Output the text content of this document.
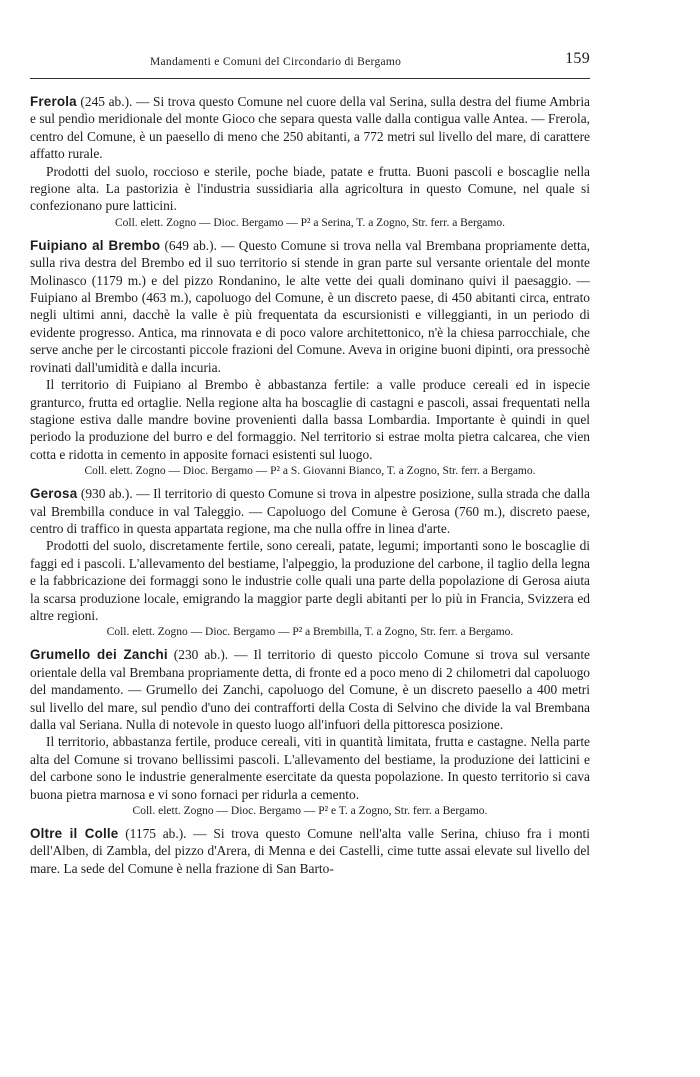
Mandamenti e Comuni del Circondario di Bergamo	159

Frerola (245 ab.). — Si trova questo Comune nel cuore della val Serina, sulla destra del fiume Ambria e sul pendìo meridionale del monte Gioco che separa questa valle dalla contigua valle Antea. — Frerola, centro del Comune, è un paesello di meno che 250 abitanti, a 772 metri sul livello del mare, di carattere affatto rurale.

Prodotti del suolo, roccioso e sterile, poche biade, patate e frutta. Buoni pascoli e boscaglie nella regione alta. La pastorizia è l'industria sussidiaria alla agricoltura in questo Comune, nel quale si confezionano pure latticini.

Coll. elett. Zogno — Dioc. Bergamo — P² a Serina, T. a Zogno, Str. ferr. a Bergamo.

Fuipiano al Brembo (649 ab.). — Questo Comune si trova nella val Brembana propriamente detta, sulla riva destra del Brembo ed il suo territorio si stende in gran parte sul versante orientale del monte Molinasco (1179 m.) e del pizzo Rondanino, le alte vette dei quali dominano quivi il paesaggio. — Fuipiano al Brembo (463 m.), capoluogo del Comune, è un discreto paese, di 450 abitanti circa, entrato negli ultimi anni, dacchè la valle è più frequentata da escursionisti e villeggianti, in un periodo di evidente progresso. Antica, ma rinnovata e di poco valore architettonico, n'è la chiesa parrocchiale, che serve anche per le circostanti piccole frazioni del Comune. Aveva in origine buoni dipinti, ora pressochè rovinati dall'umidità e dalla incuria.

Il territorio di Fuipiano al Brembo è abbastanza fertile: a valle produce cereali ed in ispecie granturco, frutta ed ortaglie. Nella regione alta ha boscaglie di castagni e pascoli, assai frequentati nella stagione estiva dalle mandre bovine provenienti dalla bassa Lombardia. Importante è quindi in quel periodo la produzione del burro e del formaggio. Nel territorio si estrae molta pietra calcarea, che vien cotta e ridotta in cemento in apposite fornaci esistenti sul luogo.

Coll. elett. Zogno — Dioc. Bergamo — P² a S. Giovanni Bianco, T. a Zogno, Str. ferr. a Bergamo.

Gerosa (930 ab.). — Il territorio di questo Comune si trova in alpestre posizione, sulla strada che dalla val Brembilla conduce in val Taleggio. — Capoluogo del Comune è Gerosa (760 m.), discreto paese, centro di traffico in questa appartata regione, ma che nulla offre in linea d'arte.

Prodotti del suolo, discretamente fertile, sono cereali, patate, legumi; importanti sono le boscaglie di faggi ed i pascoli. L'allevamento del bestiame, l'alpeggio, la produzione del carbone, il taglio della legna e la fabbricazione dei formaggi sono le industrie colle quali una parte della popolazione di Gerosa aiuta la scarsa produzione locale, emigrando la maggior parte degli abitanti per lo più in Francia, Svizzera ed altre regioni.

Coll. elett. Zogno — Dioc. Bergamo — P² a Brembilla, T. a Zogno, Str. ferr. a Bergamo.

Grumello dei Zanchi (230 ab.). — Il territorio di questo piccolo Comune si trova sul versante orientale della val Brembana propriamente detta, di fronte ed a poco meno di 2 chilometri dal capoluogo del mandamento. — Grumello dei Zanchi, capoluogo del Comune, è un discreto paesello a 400 metri sul livello del mare, sul pendìo d'uno dei contrafforti della Costa di Selvino che divide la val Brembana dalla val Seriana. Nulla di notevole in questo luogo all'infuori della pittoresca posizione.

Il territorio, abbastanza fertile, produce cereali, viti in quantità limitata, frutta e castagne. Nella parte alta del Comune si trovano bellissimi pascoli. L'allevamento del bestiame, la produzione dei latticini e del carbone sono le industrie generalmente esercitate da questa popolazione. In questo territorio si cava buona pietra marnosa e vi sono fornaci per ridurla a cemento.

Coll. elett. Zogno — Dioc. Bergamo — P² e T. a Zogno, Str. ferr. a Bergamo.

Oltre il Colle (1175 ab.). — Si trova questo Comune nell'alta valle Serina, chiuso fra i monti dell'Alben, di Zambla, del pizzo d'Arera, di Menna e dei Castelli, cime tutte assai elevate sul livello del mare. La sede del Comune è nella frazione di San Barto-
